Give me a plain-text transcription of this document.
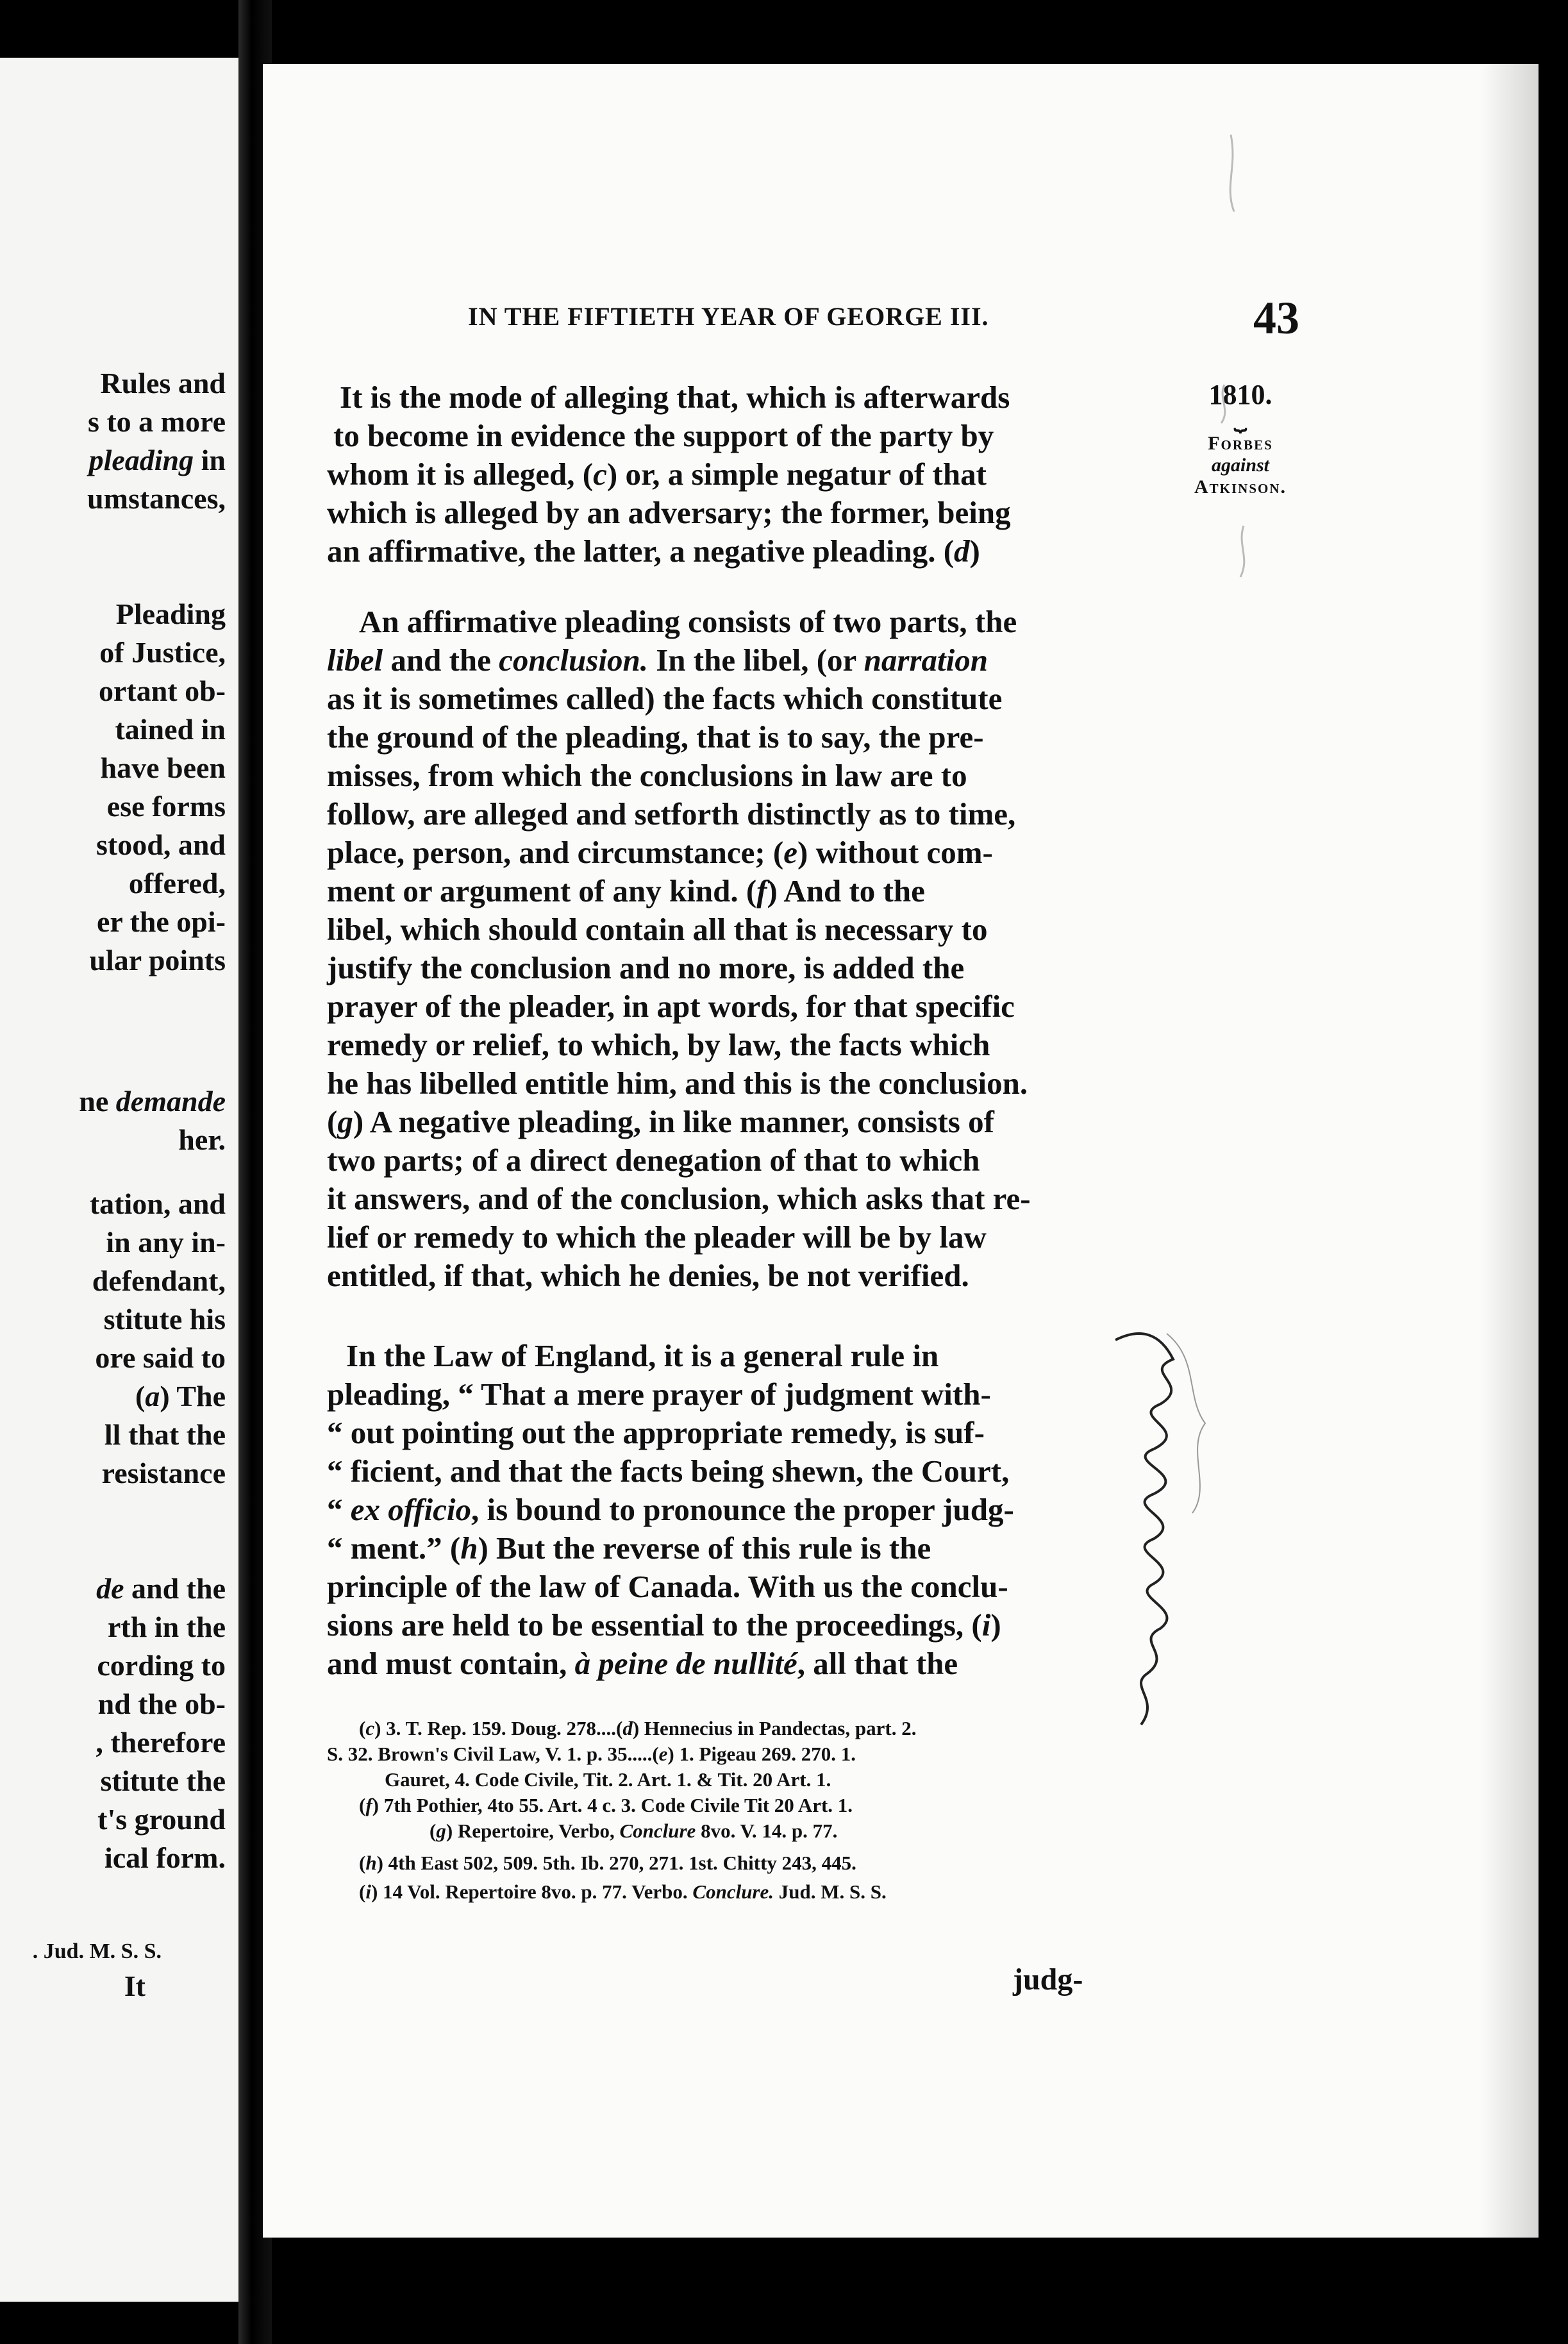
Rules and
s to a more
pleading in
umstances,
Pleading
of Justice,
ortant ob-
tained in
have been
ese forms
stood, and
offered,
er the opi-
ular points
ne demande
her.
tation, and
in any in-
defendant,
stitute his
ore said to
(a) The
ll that the
resistance
de and the
rth in the
cording to
nd the ob-
, therefore
stitute the
t's ground
ical form.
. Jud. M. S. S.
It
IN THE FIFTIETH YEAR OF GEORGE III.	43
1810.
⏟
Forbes
against
Atkinson.
It is the mode of alleging that, which is afterwards
to become in evidence the support of the party by
whom it is alleged, (c) or, a simple negatur of that
which is alleged by an adversary; the former, being
an affirmative, the latter, a negative pleading. (d)
An affirmative pleading consists of two parts, the
libel and the conclusion. In the libel, (or narration
as it is sometimes called) the facts which constitute
the ground of the pleading, that is to say, the pre-
misses, from which the conclusions in law are to
follow, are alleged and setforth distinctly as to time,
place, person, and circumstance; (e) without com-
ment or argument of any kind. (f) And to the
libel, which should contain all that is necessary to
justify the conclusion and no more, is added the
prayer of the pleader, in apt words, for that specific
remedy or relief, to which, by law, the facts which
he has libelled entitle him, and this is the conclusion.
(g) A negative pleading, in like manner, consists of
two parts; of a direct denegation of that to which
it answers, and of the conclusion, which asks that re-
lief or remedy to which the pleader will be by law
entitled, if that, which he denies, be not verified.
In the Law of England, it is a general rule in
pleading, “ That a mere prayer of judgment with-
“ out pointing out the appropriate remedy, is suf-
“ ficient, and that the facts being shewn, the Court,
“ ex officio, is bound to pronounce the proper judg-
“ ment.” (h) But the reverse of this rule is the
principle of the law of Canada. With us the conclu-
sions are held to be essential to the proceedings, (i)
and must contain, à peine de nullité, all that the
(c) 3. T. Rep. 159. Doug. 278....(d) Hennecius in Pandectas, part. 2.
S. 32. Brown's Civil Law, V. 1. p. 35.....(e) 1. Pigeau 269. 270. 1.
Gauret, 4. Code Civile, Tit. 2. Art. 1. & Tit. 20 Art. 1.
(f) 7th Pothier, 4to 55. Art. 4 c. 3. Code Civile Tit 20 Art. 1.
(g) Repertoire, Verbo, Conclure 8vo. V. 14. p. 77.
(h) 4th East 502, 509. 5th. Ib. 270, 271. 1st. Chitty 243, 445.
(i) 14 Vol. Repertoire 8vo. p. 77. Verbo. Conclure. Jud. M. S. S.
judg-
